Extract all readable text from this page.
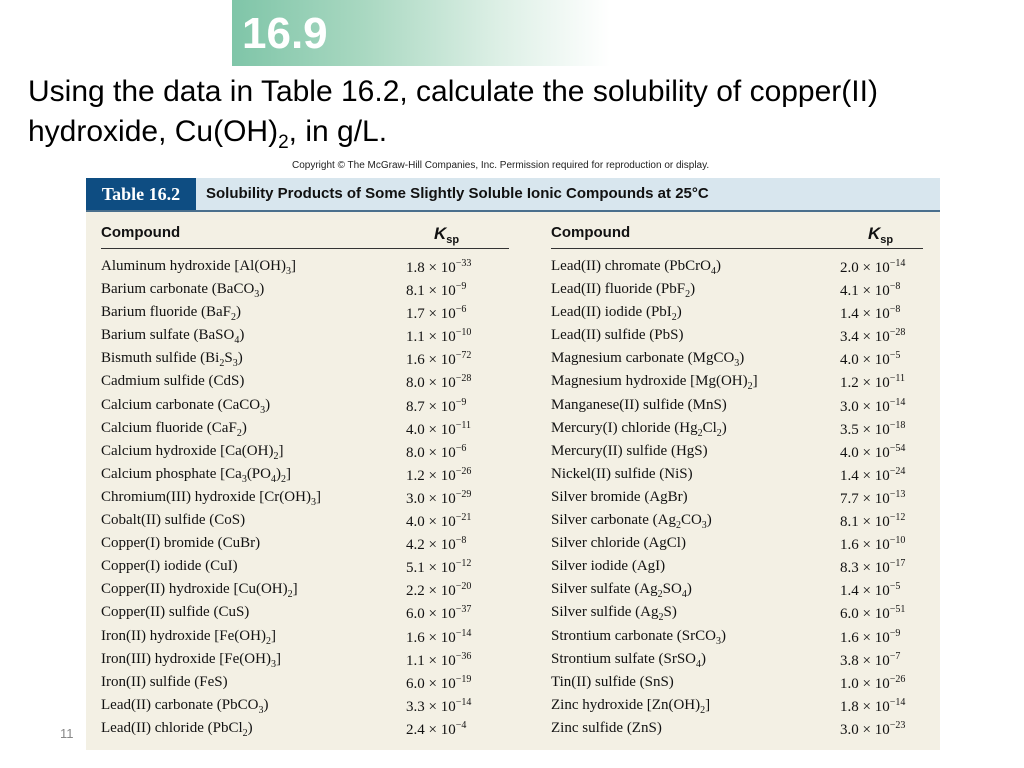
16.9
Using the data in Table 16.2, calculate the solubility of copper(II) hydroxide, $Cu(OH)_2$, in g/L.
Copyright © The McGraw-Hill Companies, Inc. Permission required for reproduction or display.
Table 16.2	Solubility Products of Some Slightly Soluble Ionic Compounds at 25°C
Compound	$K_{sp}$	Compound	$K_{sp}$
Aluminum hydroxide $[Al(OH)_3]$	$1.8 \times 10^{-33}$
Barium carbonate (BaCO$_3$)	$8.1 \times 10^{-9}$
Barium fluoride (BaF$_2$)	$1.7 \times 10^{-6}$
Barium sulfate (BaSO$_4$)	$1.1 \times 10^{-10}$
Bismuth sulfide $(Bi_2S_3)$	$1.6 \times 10^{-72}$
Cadmium sulfide (CdS)	$8.0 \times 10^{-28}$
Calcium carbonate (CaCO$_3$)	$8.7 \times 10^{-9}$
Calcium fluoride (CaF$_2$)	$4.0 \times 10^{-11}$
Calcium hydroxide $[Ca(OH)_2]$	$8.0 \times 10^{-6}$
Calcium phosphate $[Ca_3(PO_4)_2]$	$1.2 \times 10^{-26}$
Chromium(III) hydroxide $[Cr(OH)_3]$	$3.0 \times 10^{-29}$
Cobalt(II) sulfide (CoS)	$4.0 \times 10^{-21}$
Copper(I) bromide (CuBr)	$4.2 \times 10^{-8}$
Copper(I) iodide (CuI)	$5.1 \times 10^{-12}$
Copper(II) hydroxide $[Cu(OH)_2]$	$2.2 \times 10^{-20}$
Copper(II) sulfide (CuS)	$6.0 \times 10^{-37}$
Iron(II) hydroxide $[Fe(OH)_2]$	$1.6 \times 10^{-14}$
Iron(III) hydroxide $[Fe(OH)_3]$	$1.1 \times 10^{-36}$
Iron(II) sulfide (FeS)	$6.0 \times 10^{-19}$
Lead(II) carbonate (PbCO$_3$)	$3.3 \times 10^{-14}$
Lead(II) chloride (PbCl$_2$)	$2.4 \times 10^{-4}$
Lead(II) chromate (PbCrO$_4$)	$2.0 \times 10^{-14}$
Lead(II) fluoride (PbF$_2$)	$4.1 \times 10^{-8}$
Lead(II) iodide (PbI$_2$)	$1.4 \times 10^{-8}$
Lead(II) sulfide (PbS)	$3.4 \times 10^{-28}$
Magnesium carbonate (MgCO$_3$)	$4.0 \times 10^{-5}$
Magnesium hydroxide $[Mg(OH)_2]$	$1.2 \times 10^{-11}$
Manganese(II) sulfide (MnS)	$3.0 \times 10^{-14}$
Mercury(I) chloride $(Hg_2Cl_2)$	$3.5 \times 10^{-18}$
Mercury(II) sulfide (HgS)	$4.0 \times 10^{-54}$
Nickel(II) sulfide (NiS)	$1.4 \times 10^{-24}$
Silver bromide (AgBr)	$7.7 \times 10^{-13}$
Silver carbonate $(Ag_2CO_3)$	$8.1 \times 10^{-12}$
Silver chloride (AgCl)	$1.6 \times 10^{-10}$
Silver iodide (AgI)	$8.3 \times 10^{-17}$
Silver sulfate $(Ag_2SO_4)$	$1.4 \times 10^{-5}$
Silver sulfide $(Ag_2S)$	$6.0 \times 10^{-51}$
Strontium carbonate (SrCO$_3$)	$1.6 \times 10^{-9}$
Strontium sulfate (SrSO$_4$)	$3.8 \times 10^{-7}$
Tin(II) sulfide (SnS)	$1.0 \times 10^{-26}$
Zinc hydroxide $[Zn(OH)_2]$	$1.8 \times 10^{-14}$
Zinc sulfide (ZnS)	$3.0 \times 10^{-23}$
11
